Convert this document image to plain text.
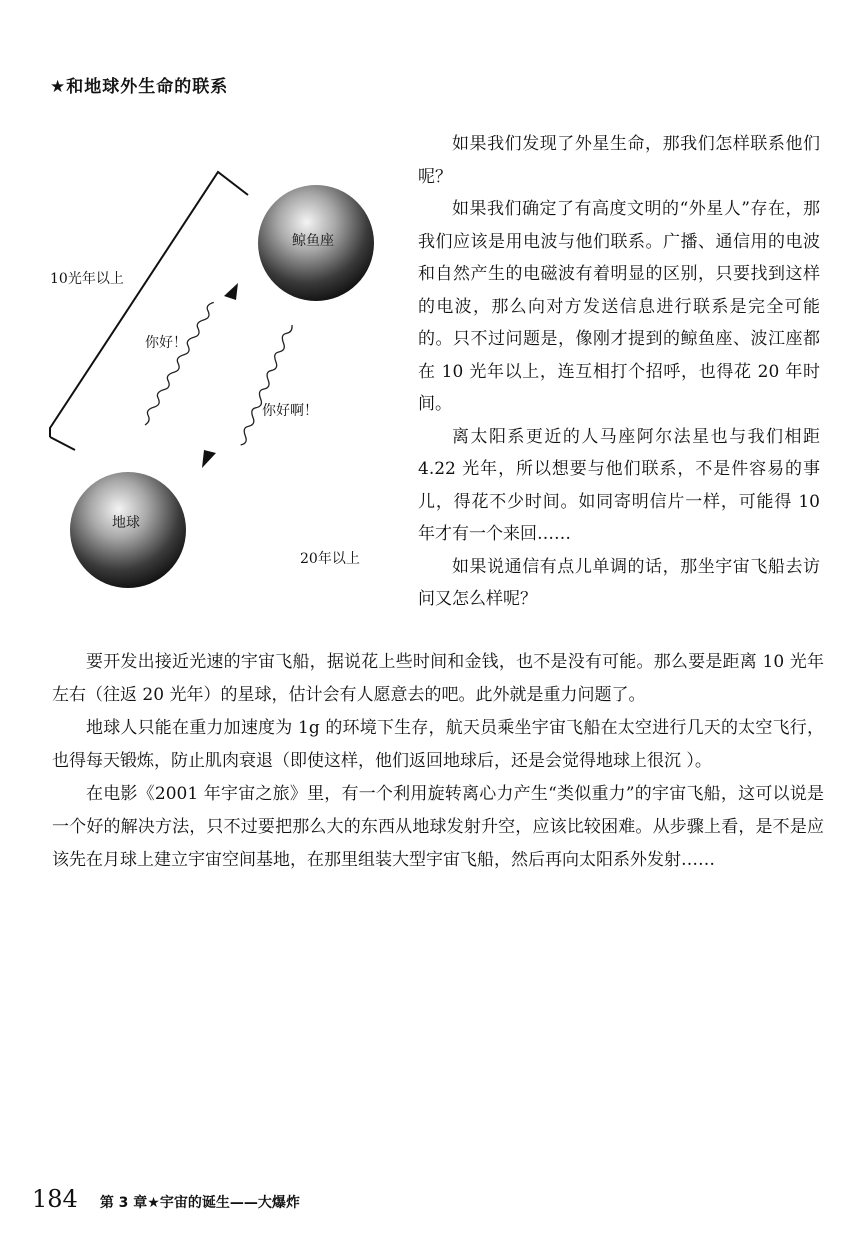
★和地球外生命的联系
鲸鱼座
地球
10光年以上
20年以上
你好！
你好啊！

如果我们发现了外星生命，那我们怎样联系他们呢？

如果我们确定了有高度文明的“外星人”存在，那我们应该是用电波与他们联系。广播、通信用的电波和自然产生的电磁波有着明显的区别，只要找到这样的电波，那么向对方发送信息进行联系是完全可能的。只不过问题是，像刚才提到的鲸鱼座、波江座都在 10 光年以上，连互相打个招呼，也得花 20 年时间。

离太阳系更近的人马座阿尔法星也与我们相距 4.22 光年，所以想要与他们联系，不是件容易的事儿，得花不少时间。如同寄明信片一样，可能得 10 年才有一个来回……

如果说通信有点儿单调的话，那坐宇宙飞船去访问又怎么样呢？

要开发出接近光速的宇宙飞船，据说花上些时间和金钱，也不是没有可能。那么要是距离 10 光年左右（往返 20 光年）的星球，估计会有人愿意去的吧。此外就是重力问题了。

地球人只能在重力加速度为 1g 的环境下生存，航天员乘坐宇宙飞船在太空进行几天的太空飞行，也得每天锻炼，防止肌肉衰退（即使这样，他们返回地球后，还是会觉得地球上很沉 ）。

在电影《2001 年宇宙之旅》里，有一个利用旋转离心力产生“类似重力”的宇宙飞船，这可以说是一个好的解决方法，只不过要把那么大的东西从地球发射升空，应该比较困难。从步骤上看，是不是应该先在月球上建立宇宙空间基地，在那里组装大型宇宙飞船，然后再向太阳系外发射……

184 第 3 章★宇宙的诞生——大爆炸
